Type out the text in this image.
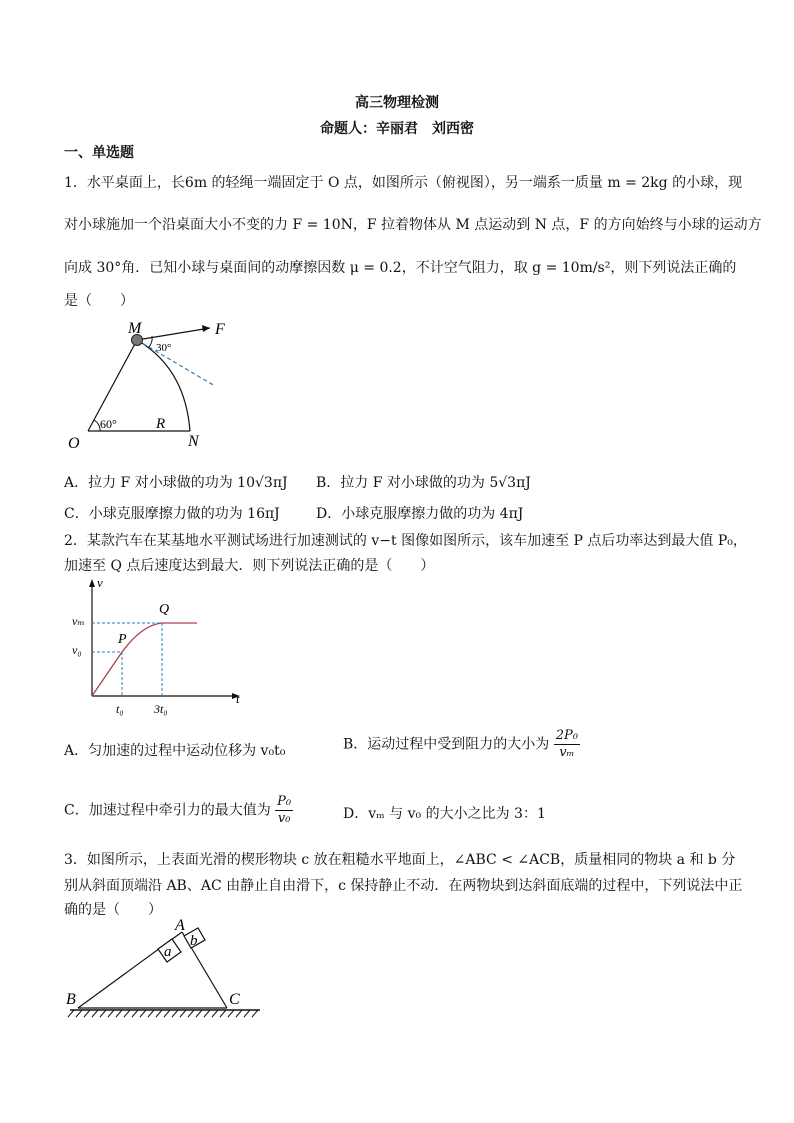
高三物理检测
命题人：辛丽君　刘西密
一、单选题
1．水平桌面上，长6m 的轻绳一端固定于 O 点，如图所示（俯视图），另一端系一质量 m = 2kg 的小球，现
对小球施加一个沿桌面大小不变的力 F = 10N，F 拉着物体从 M 点运动到 N 点，F 的方向始终与小球的运动方
向成 30°角．已知小球与桌面间的动摩擦因数 μ = 0.2，不计空气阻力，取 g = 10m/s²，则下列说法正确的
是（　　）
M	F
30°
60°	R
O	N
A．拉力 F 对小球做的功为 10√3πJ B．拉力 F 对小球做的功为 5√3πJ
C．小球克服摩擦力做的功为 16πJ	D．小球克服摩擦力做的功为 4πJ
2．某款汽车在某基地水平测试场进行加速测试的 v−t 图像如图所示，该车加速至 P 点后功率达到最大值 P₀，
加速至 Q 点后速度达到最大．则下列说法正确的是（　　）
v
t
vₘ
v₀
P
Q
t₀	3t₀
A．匀加速的过程中运动位移为 v₀t₀	B．运动过程中受到阻力的大小为 $\frac{\text{2P₀}}{\text{vₘ}}$
C．加速过程中牵引力的最大值为 $\frac{\text{P₀}}{\text{v₀}}$	D．vₘ 与 v₀ 的大小之比为 3：1
3．如图所示，上表面光滑的楔形物块 c 放在粗糙水平地面上，∠ABC < ∠ACB，质量相同的物块 a 和 b 分
别从斜面顶端沿 AB、AC 由静止自由滑下，c 保持静止不动．在两物块到达斜面底端的过程中，下列说法中正
确的是（　　）
a
b
A
B	C
